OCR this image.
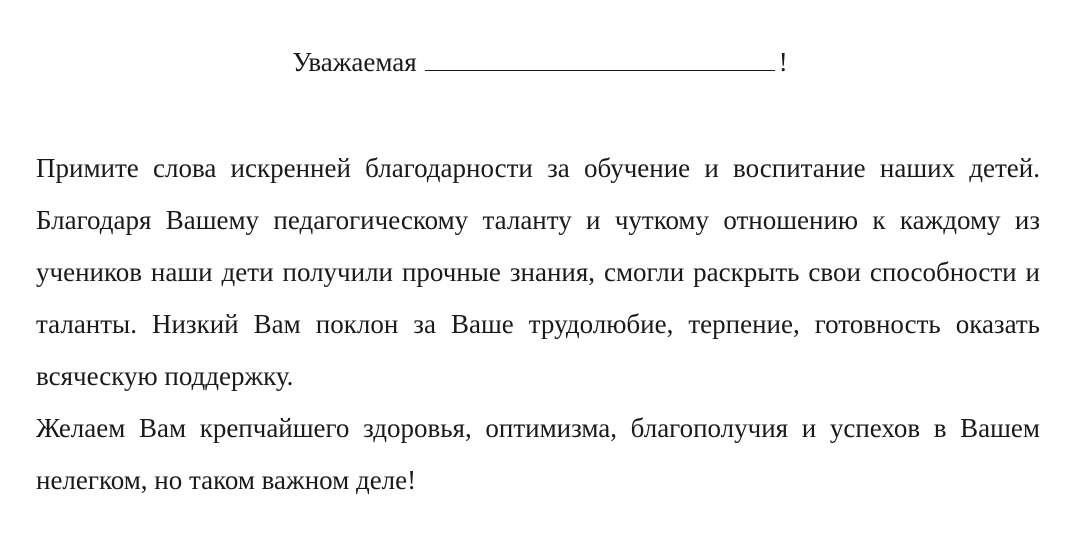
Уважаемая	!

Примите слова искренней благодарности за обучение и воспитание наших детей. Благодаря Вашему педагогическому таланту и чуткому отношению к каждому из учеников наши дети получили прочные знания, смогли раскрыть свои способности и таланты. Низкий Вам поклон за Ваше трудолюбие, терпение, готовность оказать всяческую поддержку.

Желаем Вам крепчайшего здоровья, оптимизма, благополучия и успехов в Вашем нелегком, но таком важном деле!
